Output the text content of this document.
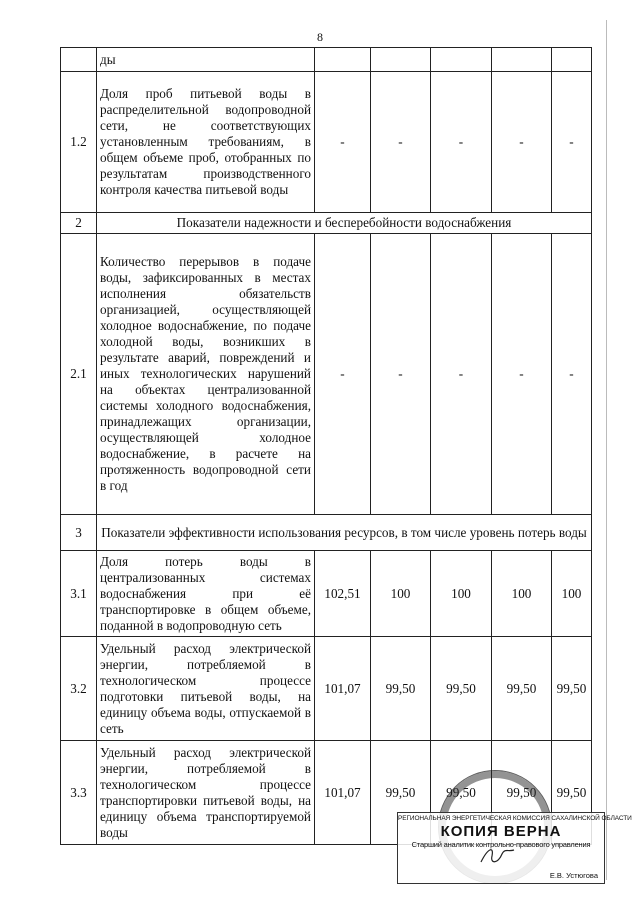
8
	ды					
1.2	Доля проб питьевой воды в распределительной водопроводной сети, не соответствующих установленным требованиям, в общем объеме проб, отобранных по результатам производственного контроля качества питьевой воды	-	-	-	-	-
2	Показатели надежности и бесперебойности водоснабжения					
2.1	Количество перерывов в подаче воды, зафиксированных в местах исполнения обязательств организацией, осуществляющей холодное водоснабжение, по подаче холодной воды, возникших в результате аварий, повреждений и иных технологических нарушений на объектах централизованной системы холодного водоснабжения, принадлежащих организации, осуществляющей холодное водоснабжение, в расчете на протяженность водопроводной сети в год	-	-	-	-	-
3	Показатели эффективности использования ресурсов, в том числе уровень потерь воды					
3.1	Доля потерь воды в централизованных системах водоснабжения при её транспортировке в общем объеме, поданной в водопроводную сеть	102,51	100	100	100	100
3.2	Удельный расход электрической энергии, потребляемой в технологическом процессе подготовки питьевой воды, на единицу объема воды, отпускаемой в сеть	101,07	99,50	99,50	99,50	99,50
3.3	Удельный расход электрической энергии, потребляемой в технологическом процессе транспортировки питьевой воды, на единицу объема транспортируемой воды	101,07	99,50	99,50	99,50	99,50
РЕГИОНАЛЬНАЯ ЭНЕРГЕТИЧЕСКАЯ КОМИССИЯ САХАЛИНСКОЙ ОБЛАСТИ
КОПИЯ ВЕРНА
Старший аналитик контрольно-правового управления
Е.В. Устюгова
